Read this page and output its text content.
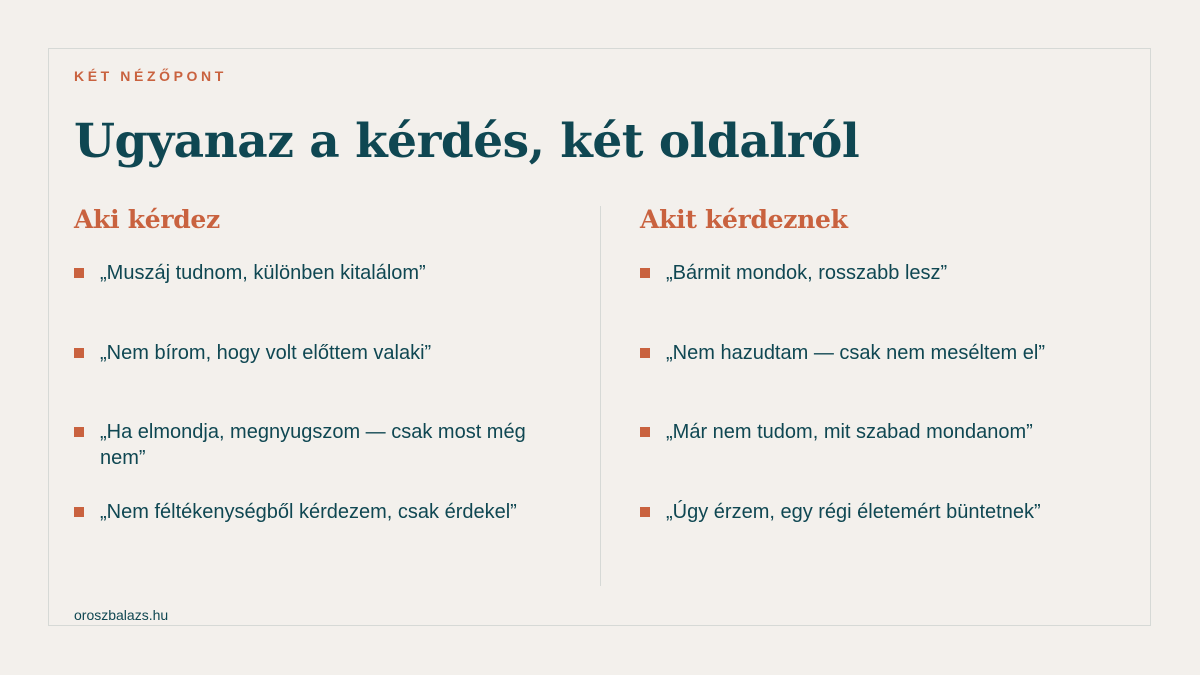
KÉT NÉZŐPONT
Ugyanaz a kérdés, két oldalról
Aki kérdez
„Muszáj tudnom, különben kitalálom”
„Nem bírom, hogy volt előttem valaki”
„Ha elmondja, megnyugszom — csak most még nem”
„Nem féltékenységből kérdezem, csak érdekel”
Akit kérdeznek
„Bármit mondok, rosszabb lesz”
„Nem hazudtam — csak nem meséltem el”
„Már nem tudom, mit szabad mondanom”
„Úgy érzem, egy régi életemért büntetnek”
oroszbalazs.hu
